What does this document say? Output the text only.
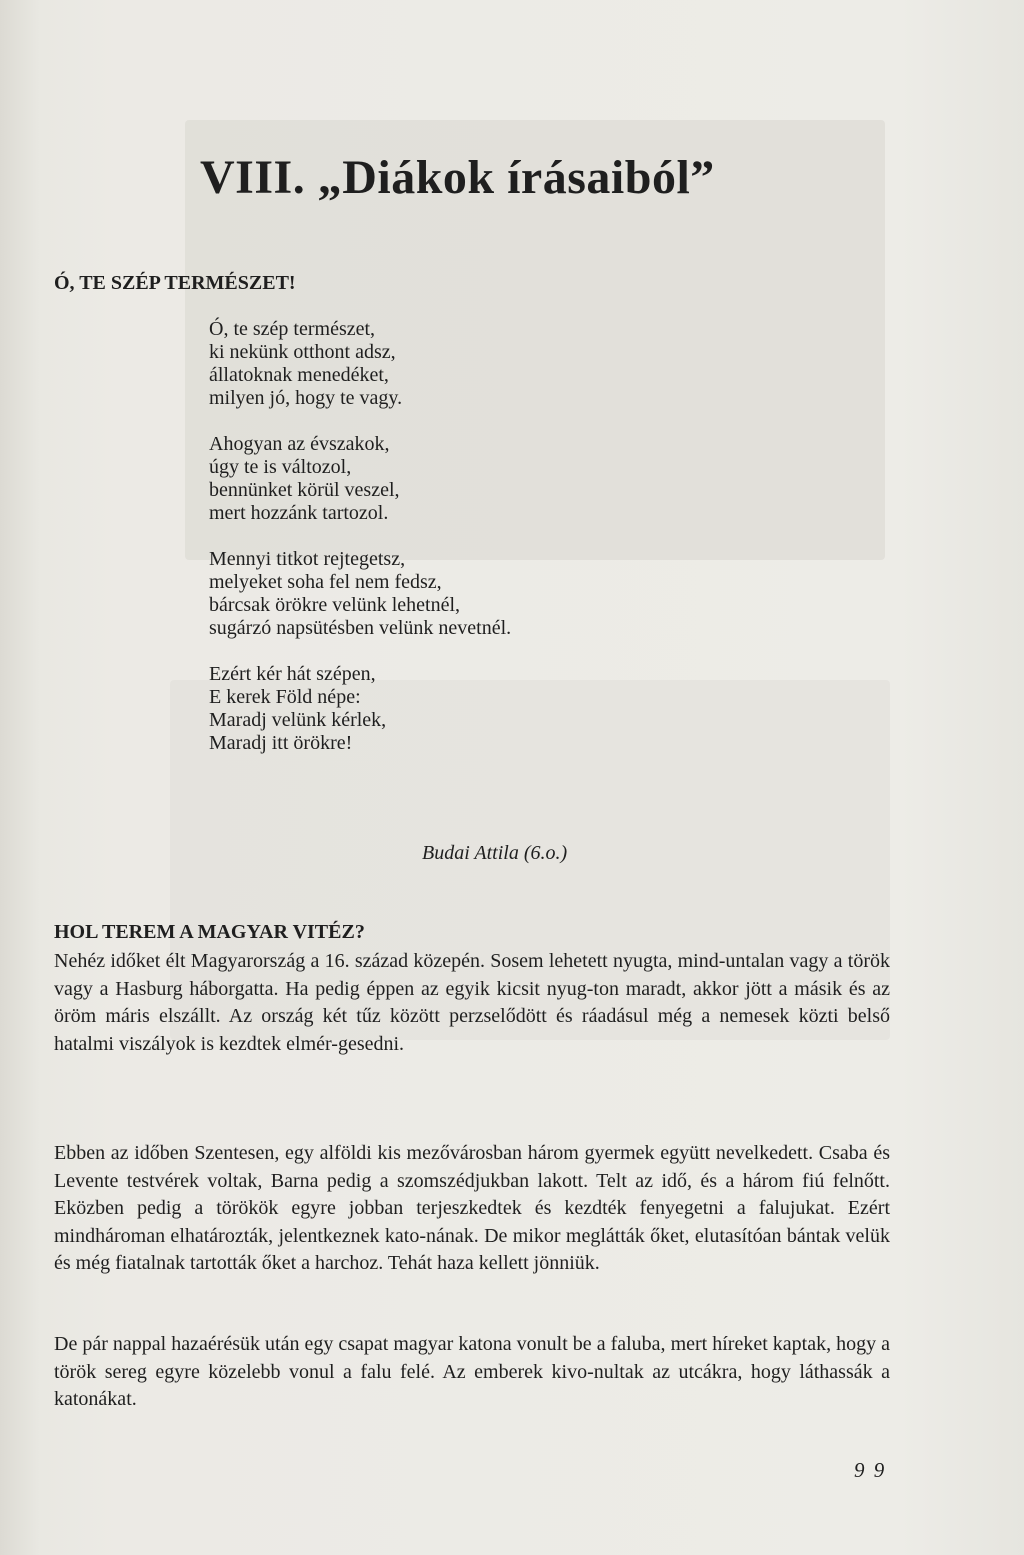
VIII. „Diákok írásaiból”
Ó, TE SZÉP TERMÉSZET!
Ó, te szép természet,
ki nekünk otthont adsz,
állatoknak menedéket,
milyen jó, hogy te vagy.
Ahogyan az évszakok,
úgy te is változol,
bennünket körül veszel,
mert hozzánk tartozol.
Mennyi titkot rejtegetsz,
melyeket soha fel nem fedsz,
bárcsak örökre velünk lehetnél,
sugárzó napsütésben velünk nevetnél.
Ezért kér hát szépen,
E kerek Föld népe:
Maradj velünk kérlek,
Maradj itt örökre!
Budai Attila (6.o.)
HOL TEREM A MAGYAR VITÉZ?

Nehéz időket élt Magyarország a 16. század közepén. Sosem lehetett nyugta, mind-untalan vagy a török vagy a Hasburg háborgatta. Ha pedig éppen az egyik kicsit nyug-ton maradt, akkor jött a másik és az öröm máris elszállt. Az ország két tűz között perzselődött és ráadásul még a nemesek közti belső hatalmi viszályok is kezdtek elmér-gesedni.

Ebben az időben Szentesen, egy alföldi kis mezővárosban három gyermek együtt nevelkedett. Csaba és Levente testvérek voltak, Barna pedig a szomszédjukban lakott. Telt az idő, és a három fiú felnőtt. Eközben pedig a törökök egyre jobban terjeszkedtek és kezdték fenyegetni a falujukat. Ezért mindhároman elhatározták, jelentkeznek kato-nának. De mikor meglátták őket, elutasítóan bántak velük és még fiatalnak tartották őket a harchoz. Tehát haza kellett jönniük.

De pár nappal hazaérésük után egy csapat magyar katona vonult be a faluba, mert híreket kaptak, hogy a török sereg egyre közelebb vonul a falu felé. Az emberek kivo-nultak az utcákra, hogy láthassák a katonákat.

9 9
